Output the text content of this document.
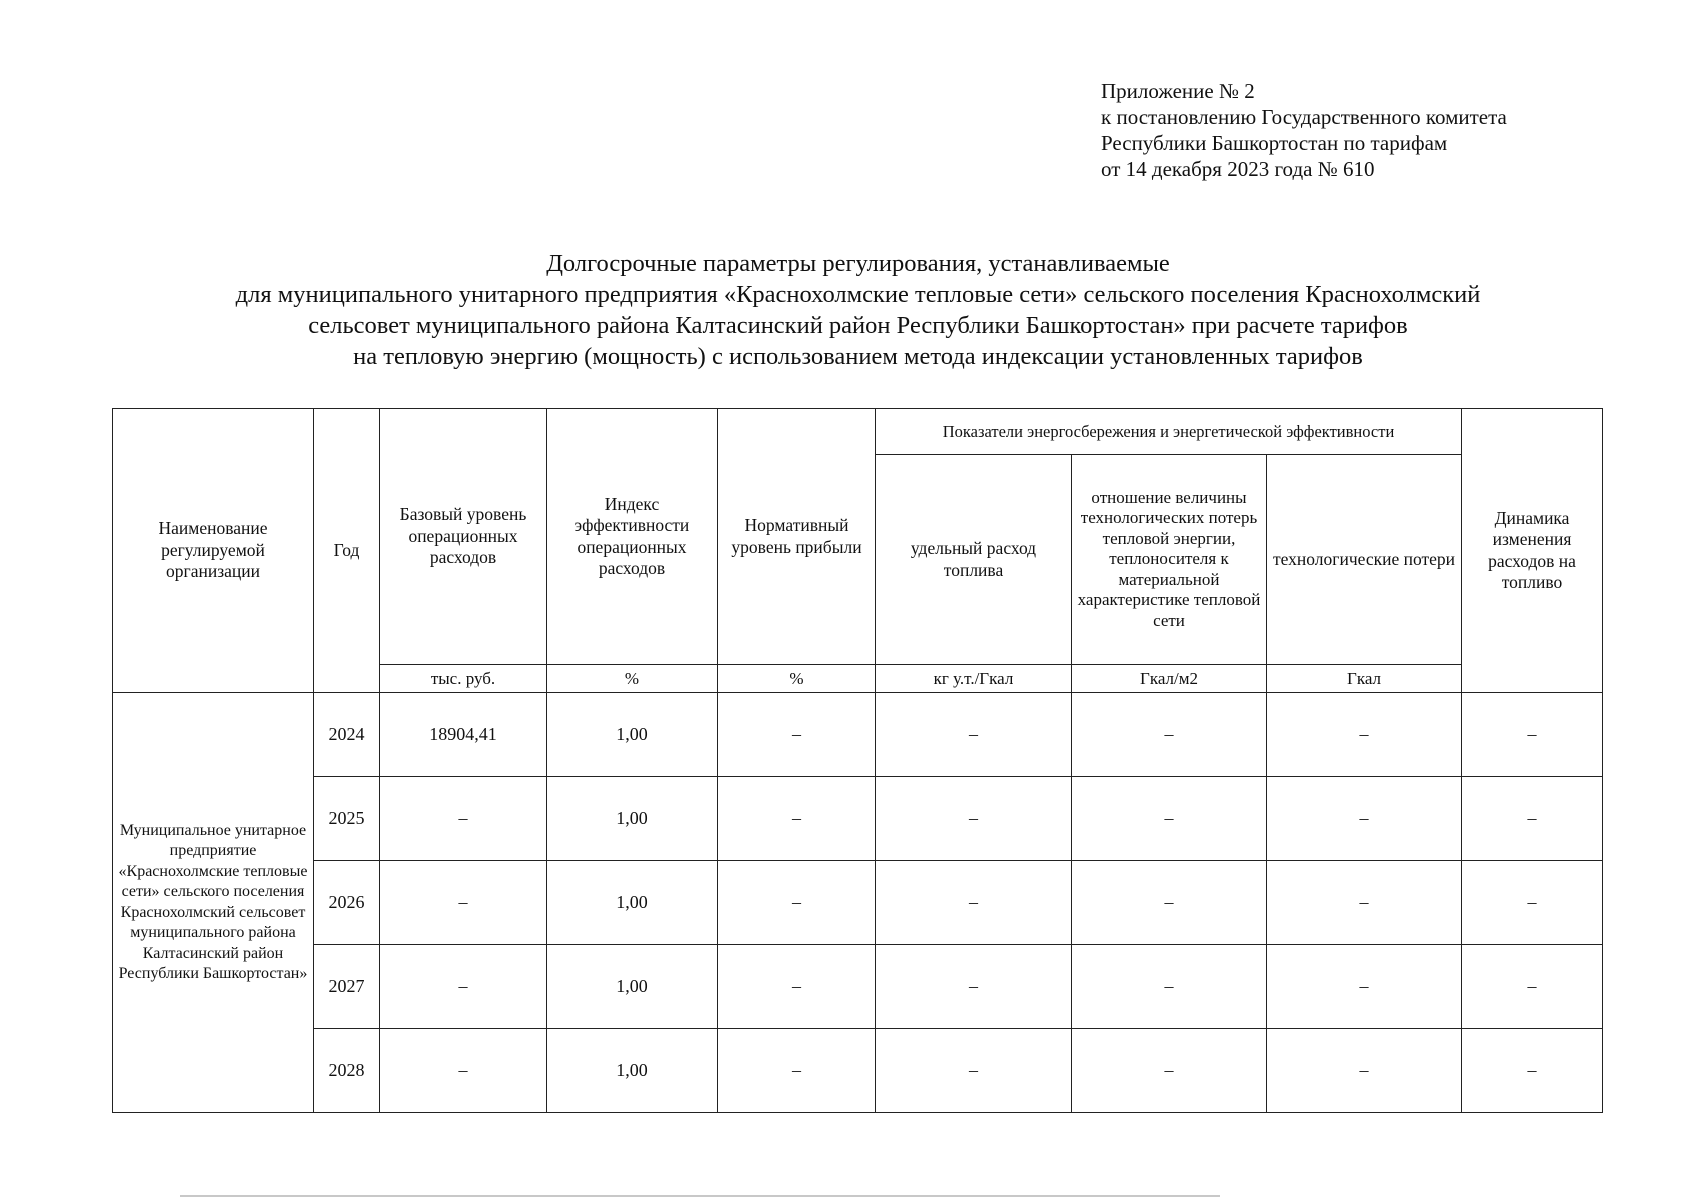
Приложение № 2
к постановлению Государственного комитета
Республики Башкортостан по тарифам
от 14 декабря 2023 года № 610
Долгосрочные параметры регулирования, устанавливаемые
для муниципального унитарного предприятия «Краснохолмские тепловые сети» сельского поселения Краснохолмский
сельсовет муниципального района Калтасинский район Республики Башкортостан» при расчете тарифов
на тепловую энергию (мощность) с использованием метода индексации установленных тарифов
Наименование регулируемой организации	Год	Базовый уровень операционных расходов	Индекс эффективности операционных расходов	Нормативный уровень прибыли	Показатели энергосбережения и энергетической эффективности			Динамика изменения расходов на топливо
					удельный расход топлива	отношение величины технологических потерь тепловой энергии, теплоносителя к материальной характеристике тепловой сети	технологические потери	
		тыс. руб.	%	%	кг у.т./Гкал	Гкал/м2	Гкал	
Муниципальное унитарное предприятие «Краснохолмские тепловые сети» сельского поселения Краснохолмский сельсовет муниципального района Калтасинский район Республики Башкортостан»	2024	18904,41	1,00	–	–	–	–	–
	2025	–	1,00	–	–	–	–	–
	2026	–	1,00	–	–	–	–	–
	2027	–	1,00	–	–	–	–	–
	2028	–	1,00	–	–	–	–	–
